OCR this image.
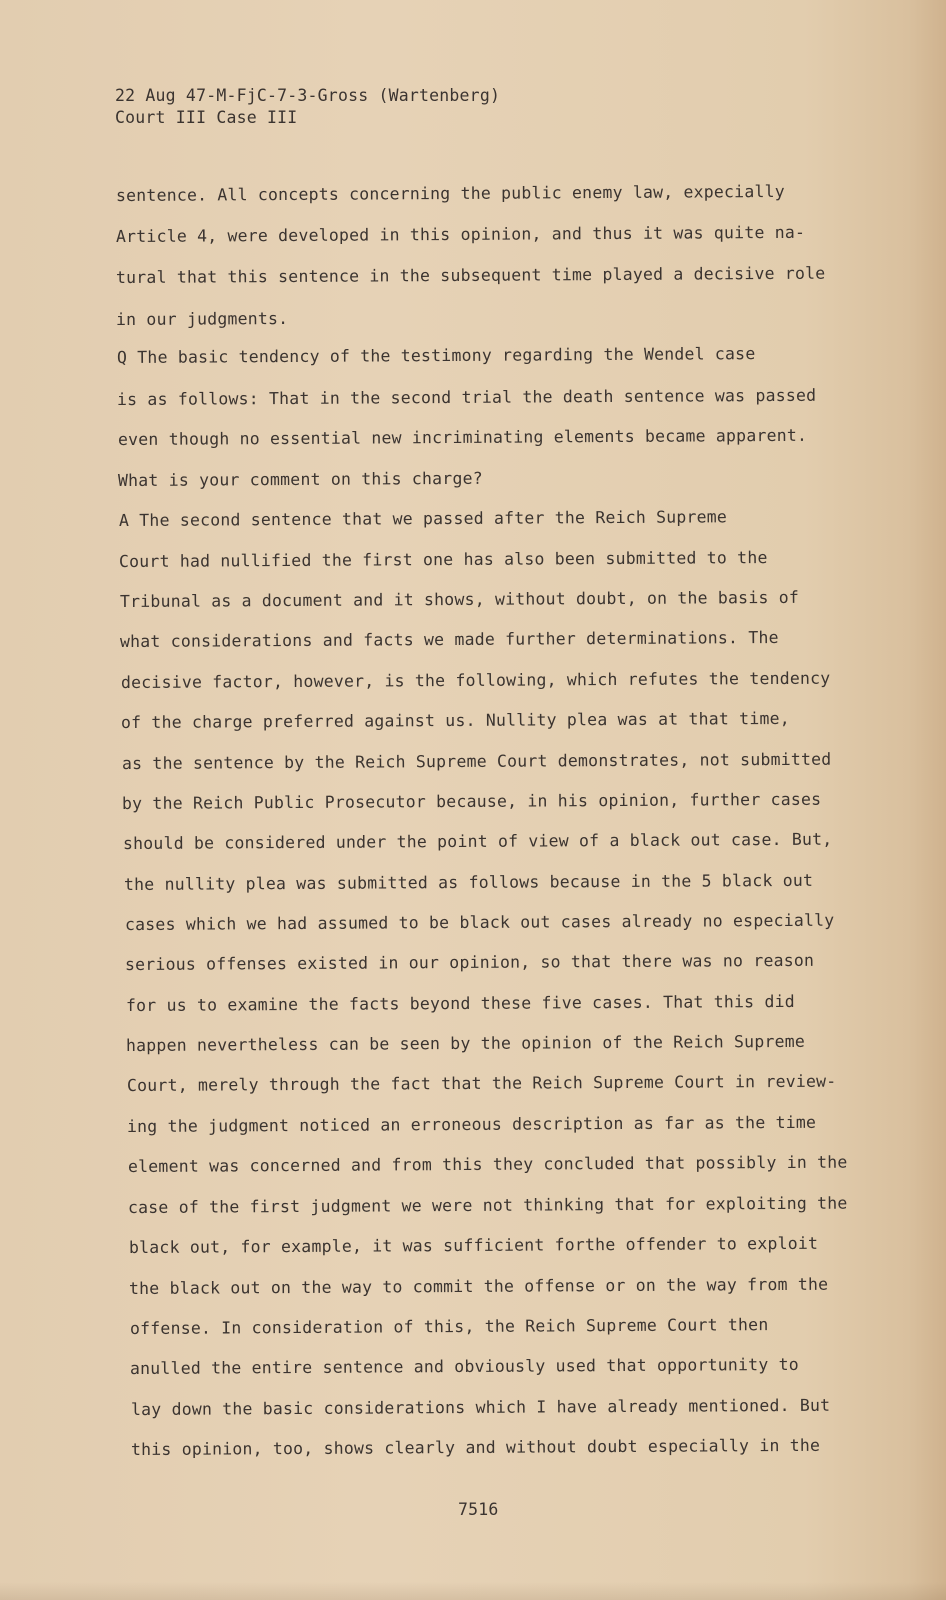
22 Aug 47-M-FjC-7-3-Gross (Wartenberg)
Court III Case III
sentence. All concepts concerning the public enemy law, expecially
Article 4, were developed in this opinion, and thus it was quite na-
tural that this sentence in the subsequent time played a decisive role
in our judgments.
Q The basic tendency of the testimony regarding the Wendel case
is as follows: That in the second trial the death sentence was passed
even though no essential new incriminating elements became apparent.
What is your comment on this charge?
A The second sentence that we passed after the Reich Supreme
Court had nullified the first one has also been submitted to the
Tribunal as a document and it shows, without doubt, on the basis of
what considerations and facts we made further determinations. The
decisive factor, however, is the following, which refutes the tendency
of the charge preferred against us. Nullity plea was at that time,
as the sentence by the Reich Supreme Court demonstrates, not submitted
by the Reich Public Prosecutor because, in his opinion, further cases
should be considered under the point of view of a black out case. But,
the nullity plea was submitted as follows because in the 5 black out
cases which we had assumed to be black out cases already no especially
serious offenses existed in our opinion, so that there was no reason
for us to examine the facts beyond these five cases. That this did
happen nevertheless can be seen by the opinion of the Reich Supreme
Court, merely through the fact that the Reich Supreme Court in review-
ing the judgment noticed an erroneous description as far as the time
element was concerned and from this they concluded that possibly in the
case of the first judgment we were not thinking that for exploiting the
black out, for example, it was sufficient forthe offender to exploit
the black out on the way to commit the offense or on the way from the
offense. In consideration of this, the Reich Supreme Court then
anulled the entire sentence and obviously used that opportunity to
lay down the basic considerations which I have already mentioned. But
this opinion, too, shows clearly and without doubt especially in the
7516
